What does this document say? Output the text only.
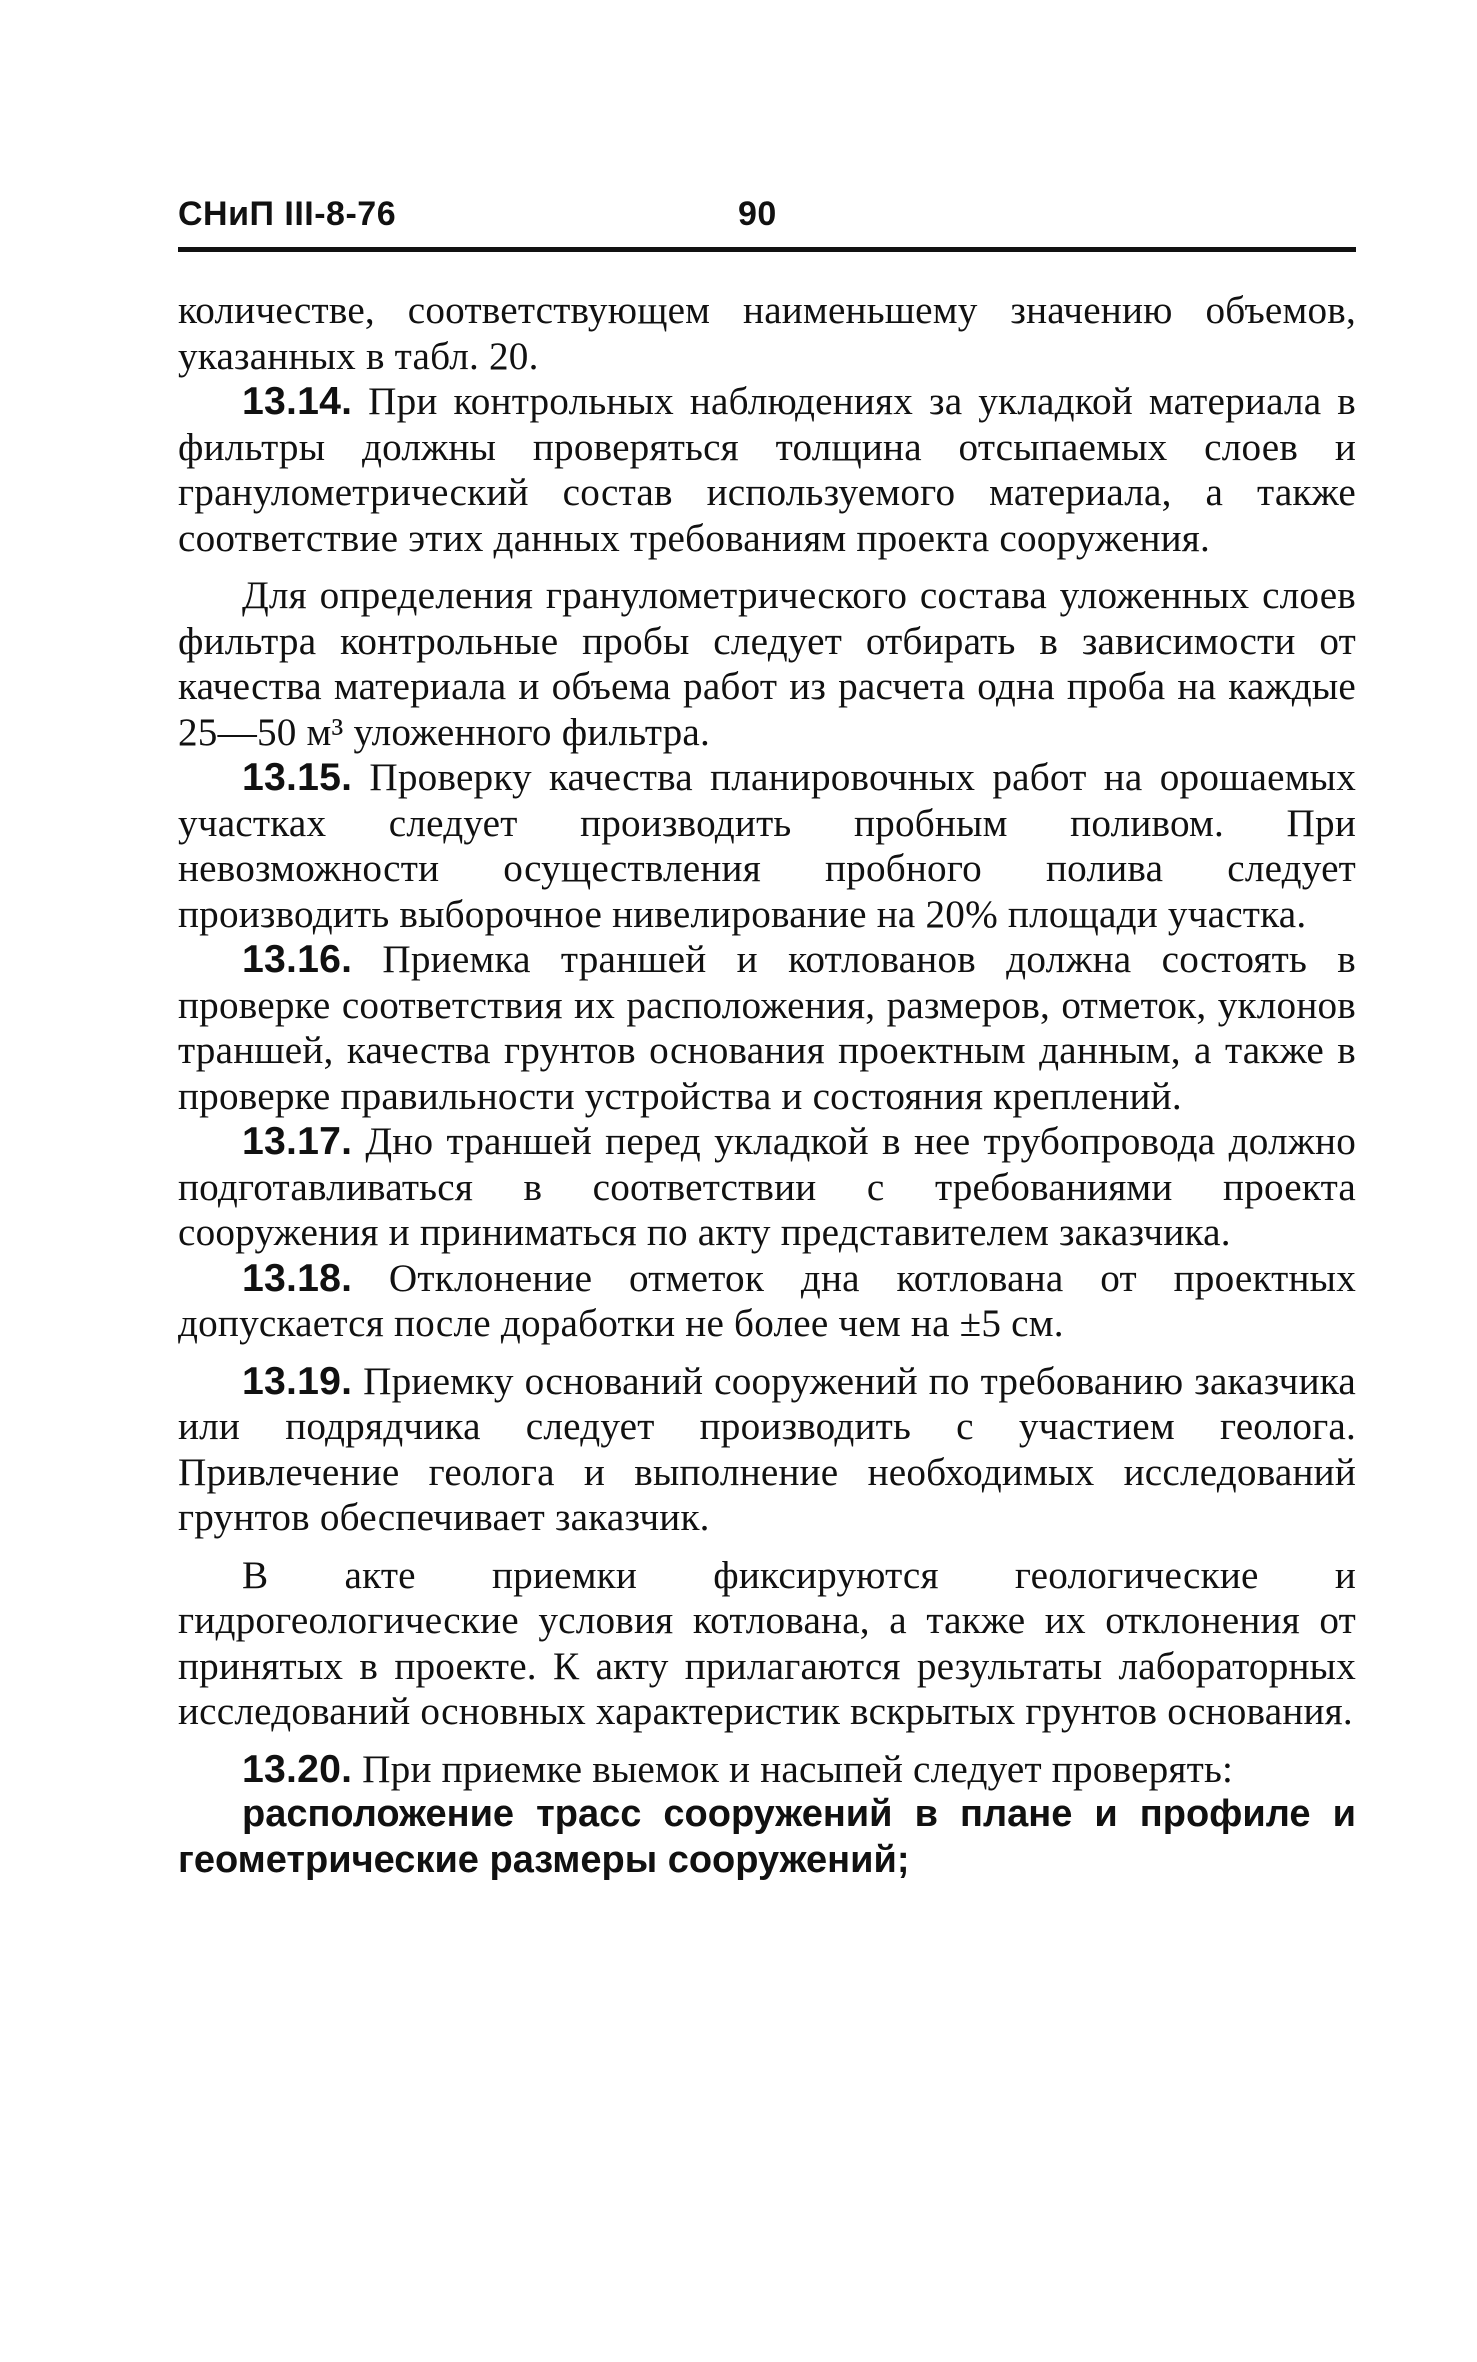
СНиП III-8-76	90

количестве, соответствующем наименьшему значению объемов, указанных в табл. 20.

13.14. При контрольных наблюдениях за укладкой материала в фильтры должны проверяться толщина отсыпаемых слоев и гранулометрический состав используемого материала, а также соответствие этих данных требованиям проекта сооружения.

Для определения гранулометрического состава уложенных слоев фильтра контрольные пробы следует отбирать в зависимости от качества материала и объема работ из расчета одна проба на каждые 25—50 м³ уложенного фильтра.

13.15. Проверку качества планировочных работ на орошаемых участках следует производить пробным поливом. При невозможности осуществления пробного полива следует производить выборочное нивелирование на 20% площади участка.

13.16. Приемка траншей и котлованов должна состоять в проверке соответствия их расположения, размеров, отметок, уклонов траншей, качества грунтов основания проектным данным, а также в проверке правильности устройства и состояния креплений.

13.17. Дно траншей перед укладкой в нее трубопровода должно подготавливаться в соответствии с требованиями проекта сооружения и приниматься по акту представителем заказчика.

13.18. Отклонение отметок дна котлована от проектных допускается после доработки не более чем на ±5 см.

13.19. Приемку оснований сооружений по требованию заказчика или подрядчика следует производить с участием геолога. Привлечение геолога и выполнение необходимых исследований грунтов обеспечивает заказчик.

В акте приемки фиксируются геологические и гидрогеологические условия котлована, а также их отклонения от принятых в проекте. К акту прилагаются результаты лабораторных исследований основных характеристик вскрытых грунтов основания.

13.20. При приемке выемок и насыпей следует проверять:

расположение трасс сооружений в плане и профиле и геометрические размеры сооружений;
